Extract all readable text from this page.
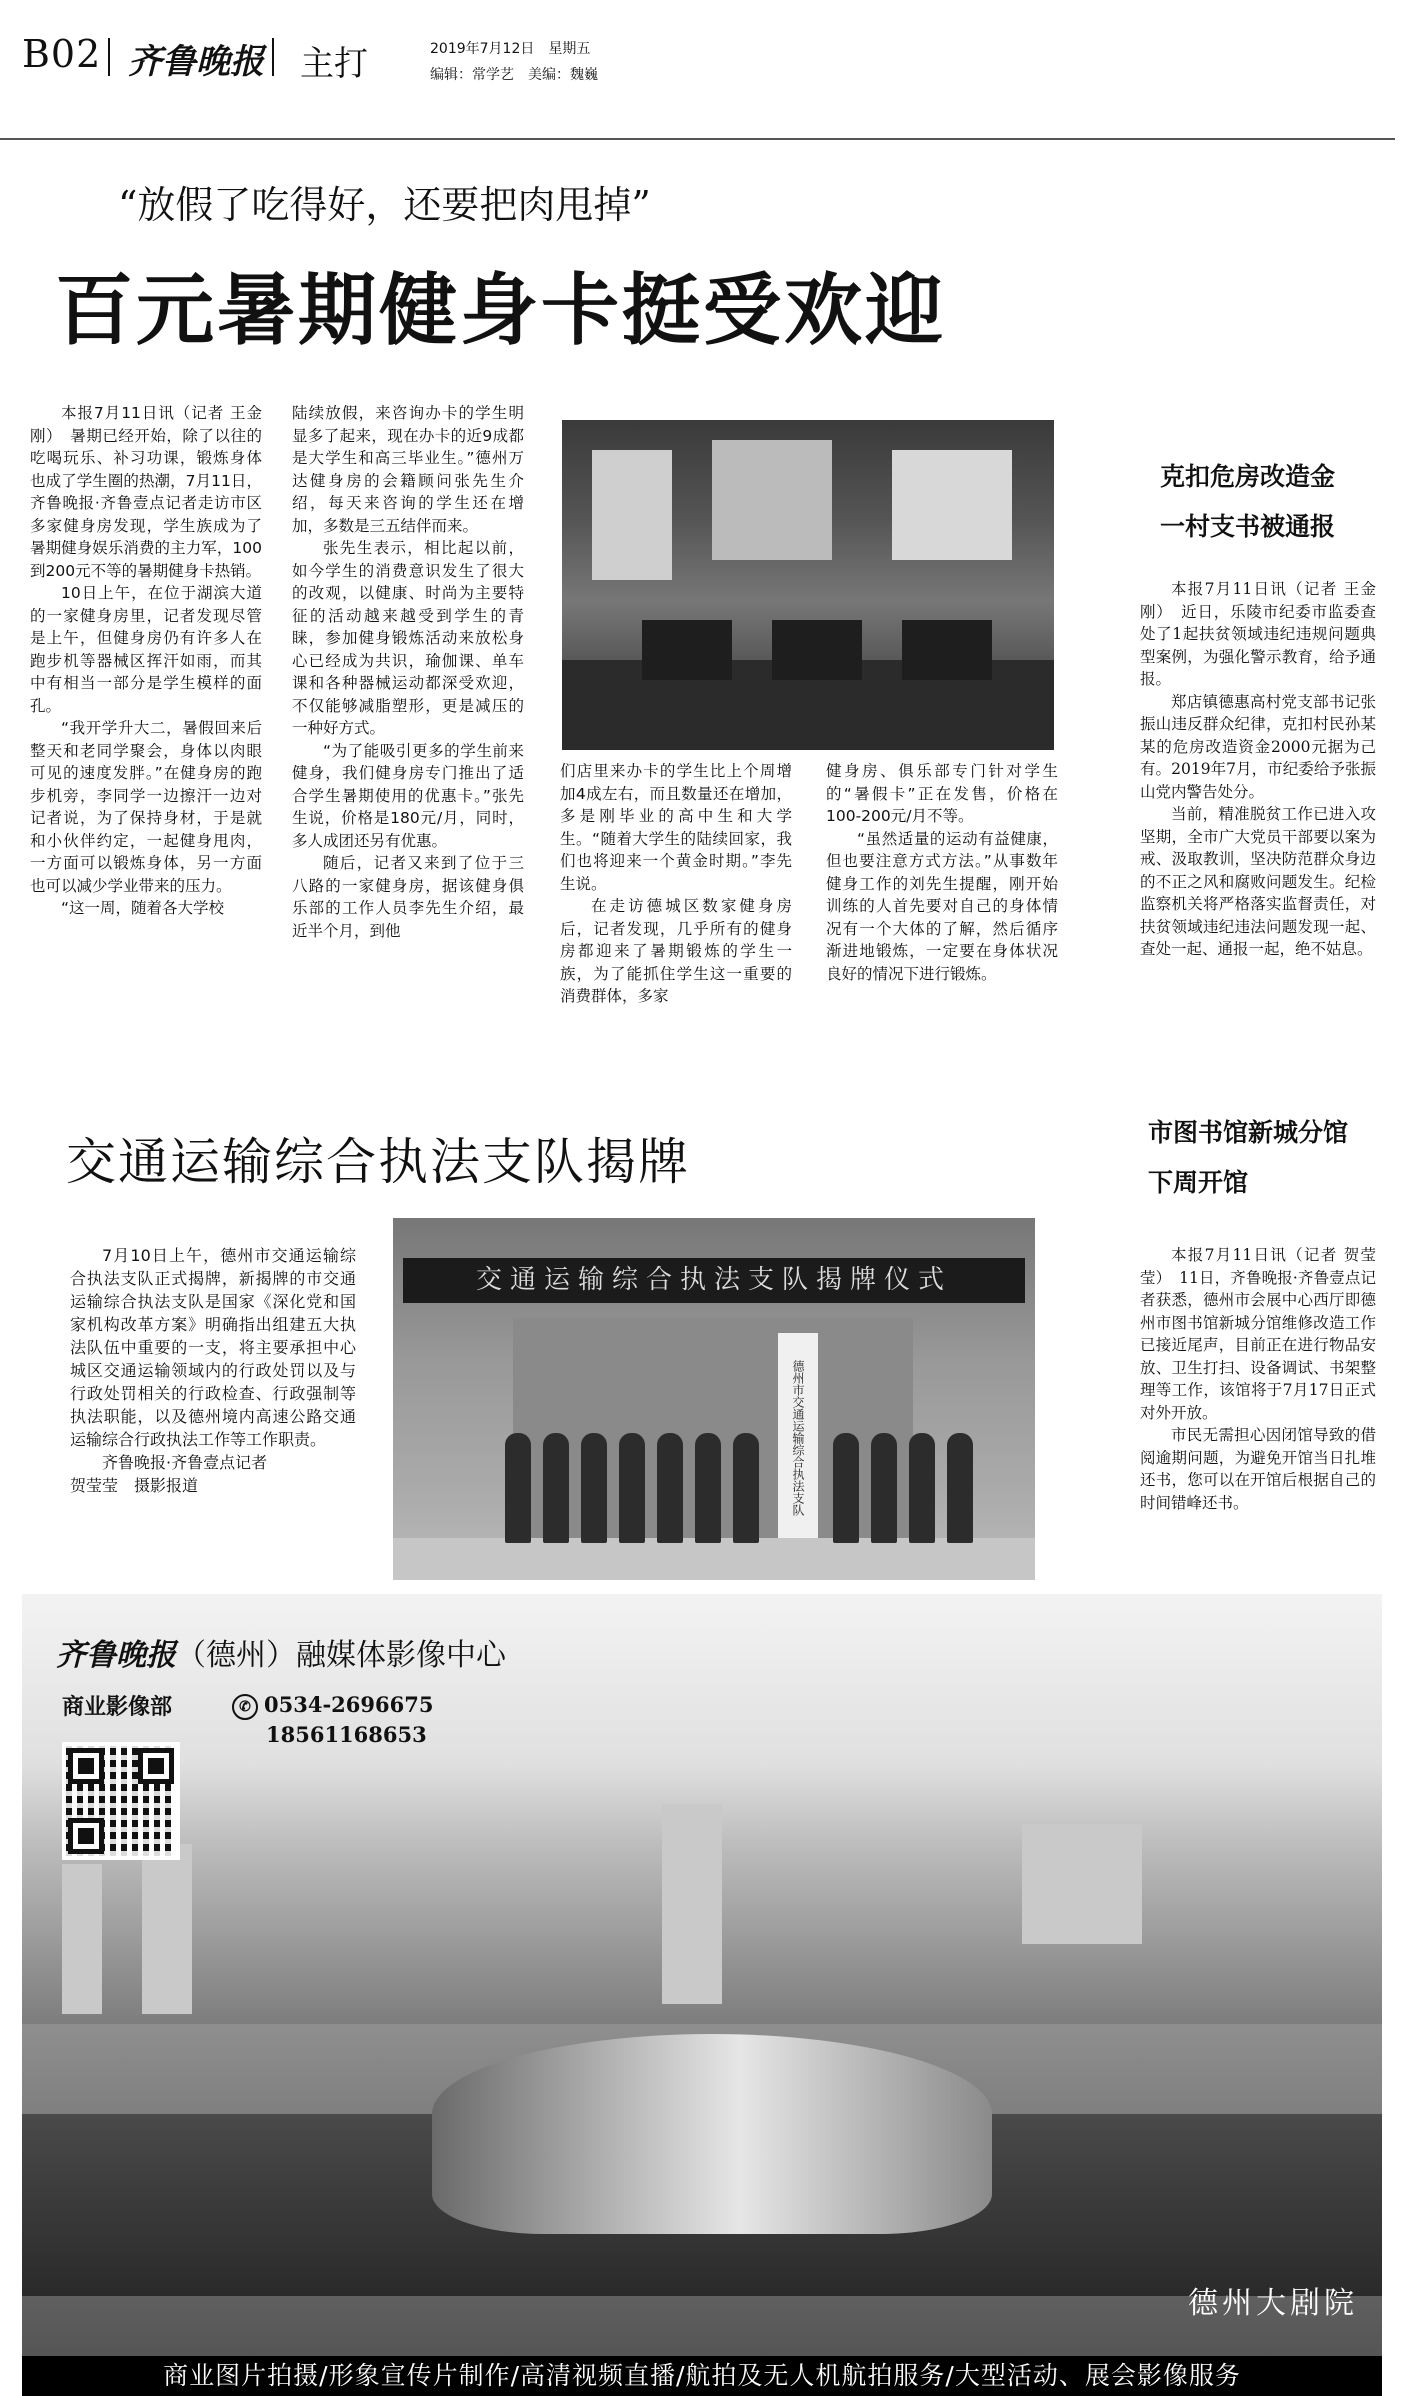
B02 齐鲁晚报 主打	2019年7月12日　星期五
编辑：常学艺　美编：魏巍
“放假了吃得好，还要把肉甩掉”
百元暑期健身卡挺受欢迎

本报7月11日讯（记者 王金刚）　暑期已经开始，除了以往的吃喝玩乐、补习功课，锻炼身体也成了学生圈的热潮，7月11日，齐鲁晚报·齐鲁壹点记者走访市区多家健身房发现，学生族成为了暑期健身娱乐消费的主力军，100到200元不等的暑期健身卡热销。

10日上午，在位于湖滨大道的一家健身房里，记者发现尽管是上午，但健身房仍有许多人在跑步机等器械区挥汗如雨，而其中有相当一部分是学生模样的面孔。

“我开学升大二，暑假回来后整天和老同学聚会，身体以肉眼可见的速度发胖。”在健身房的跑步机旁，李同学一边擦汗一边对记者说，为了保持身材，于是就和小伙伴约定，一起健身甩肉，一方面可以锻炼身体，另一方面也可以减少学业带来的压力。

“这一周，随着各大学校

陆续放假，来咨询办卡的学生明显多了起来，现在办卡的近9成都是大学生和高三毕业生。”德州万达健身房的会籍顾问张先生介绍，每天来咨询的学生还在增加，多数是三五结伴而来。

张先生表示，相比起以前，如今学生的消费意识发生了很大的改观，以健康、时尚为主要特征的活动越来越受到学生的青睐，参加健身锻炼活动来放松身心已经成为共识，瑜伽课、单车课和各种器械运动都深受欢迎，不仅能够减脂塑形，更是减压的一种好方式。

“为了能吸引更多的学生前来健身，我们健身房专门推出了适合学生暑期使用的优惠卡。”张先生说，价格是180元/月，同时，多人成团还另有优惠。

随后，记者又来到了位于三八路的一家健身房，据该健身俱乐部的工作人员李先生介绍，最近半个月，到他

们店里来办卡的学生比上个周增加4成左右，而且数量还在增加，多是刚毕业的高中生和大学生。“随着大学生的陆续回家，我们也将迎来一个黄金时期。”李先生说。

在走访德城区数家健身房后，记者发现，几乎所有的健身房都迎来了暑期锻炼的学生一族，为了能抓住学生这一重要的消费群体，多家

健身房、俱乐部专门针对学生的“暑假卡”正在发售，价格在100-200元/月不等。

“虽然适量的运动有益健康，但也要注意方式方法。”从事数年健身工作的刘先生提醒，刚开始训练的人首先要对自己的身体情况有一个大体的了解，然后循序渐进地锻炼，一定要在身体状况良好的情况下进行锻炼。

克扣危房改造金
一村支书被通报

本报7月11日讯（记者 王金刚）　近日，乐陵市纪委市监委查处了1起扶贫领域违纪违规问题典型案例，为强化警示教育，给予通报。

郑店镇德惠高村党支部书记张振山违反群众纪律，克扣村民孙某某的危房改造资金2000元据为己有。2019年7月，市纪委给予张振山党内警告处分。

当前，精准脱贫工作已进入攻坚期，全市广大党员干部要以案为戒、汲取教训，坚决防范群众身边的不正之风和腐败问题发生。纪检监察机关将严格落实监督责任，对扶贫领域违纪违法问题发现一起、查处一起、通报一起，绝不姑息。

交通运输综合执法支队揭牌

7月10日上午，德州市交通运输综合执法支队正式揭牌，新揭牌的市交通运输综合执法支队是国家《深化党和国家机构改革方案》明确指出组建五大执法队伍中重要的一支，将主要承担中心城区交通运输领域内的行政处罚以及与行政处罚相关的行政检查、行政强制等执法职能，以及德州境内高速公路交通运输综合行政执法工作等工作职责。

齐鲁晚报·齐鲁壹点记者

贺莹莹　摄影报道

交通运输综合执法支队揭牌仪式
德州市交通运输综合执法支队
市图书馆新城分馆
下周开馆

本报7月11日讯（记者 贺莹莹）　11日，齐鲁晚报·齐鲁壹点记者获悉，德州市会展中心西厅即德州市图书馆新城分馆维修改造工作已接近尾声，目前正在进行物品安放、卫生打扫、设备调试、书架整理等工作，该馆将于7月17日正式对外开放。

市民无需担心因闭馆导致的借阅逾期问题，为避免开馆当日扎堆还书，您可以在开馆后根据自己的时间错峰还书。

齐鲁晚报（德州）融媒体影像中心
商业影像部	✆ 0534-2696675
18561168653
德州大剧院
商业图片拍摄/形象宣传片制作/高清视频直播/航拍及无人机航拍服务/大型活动、展会影像服务
